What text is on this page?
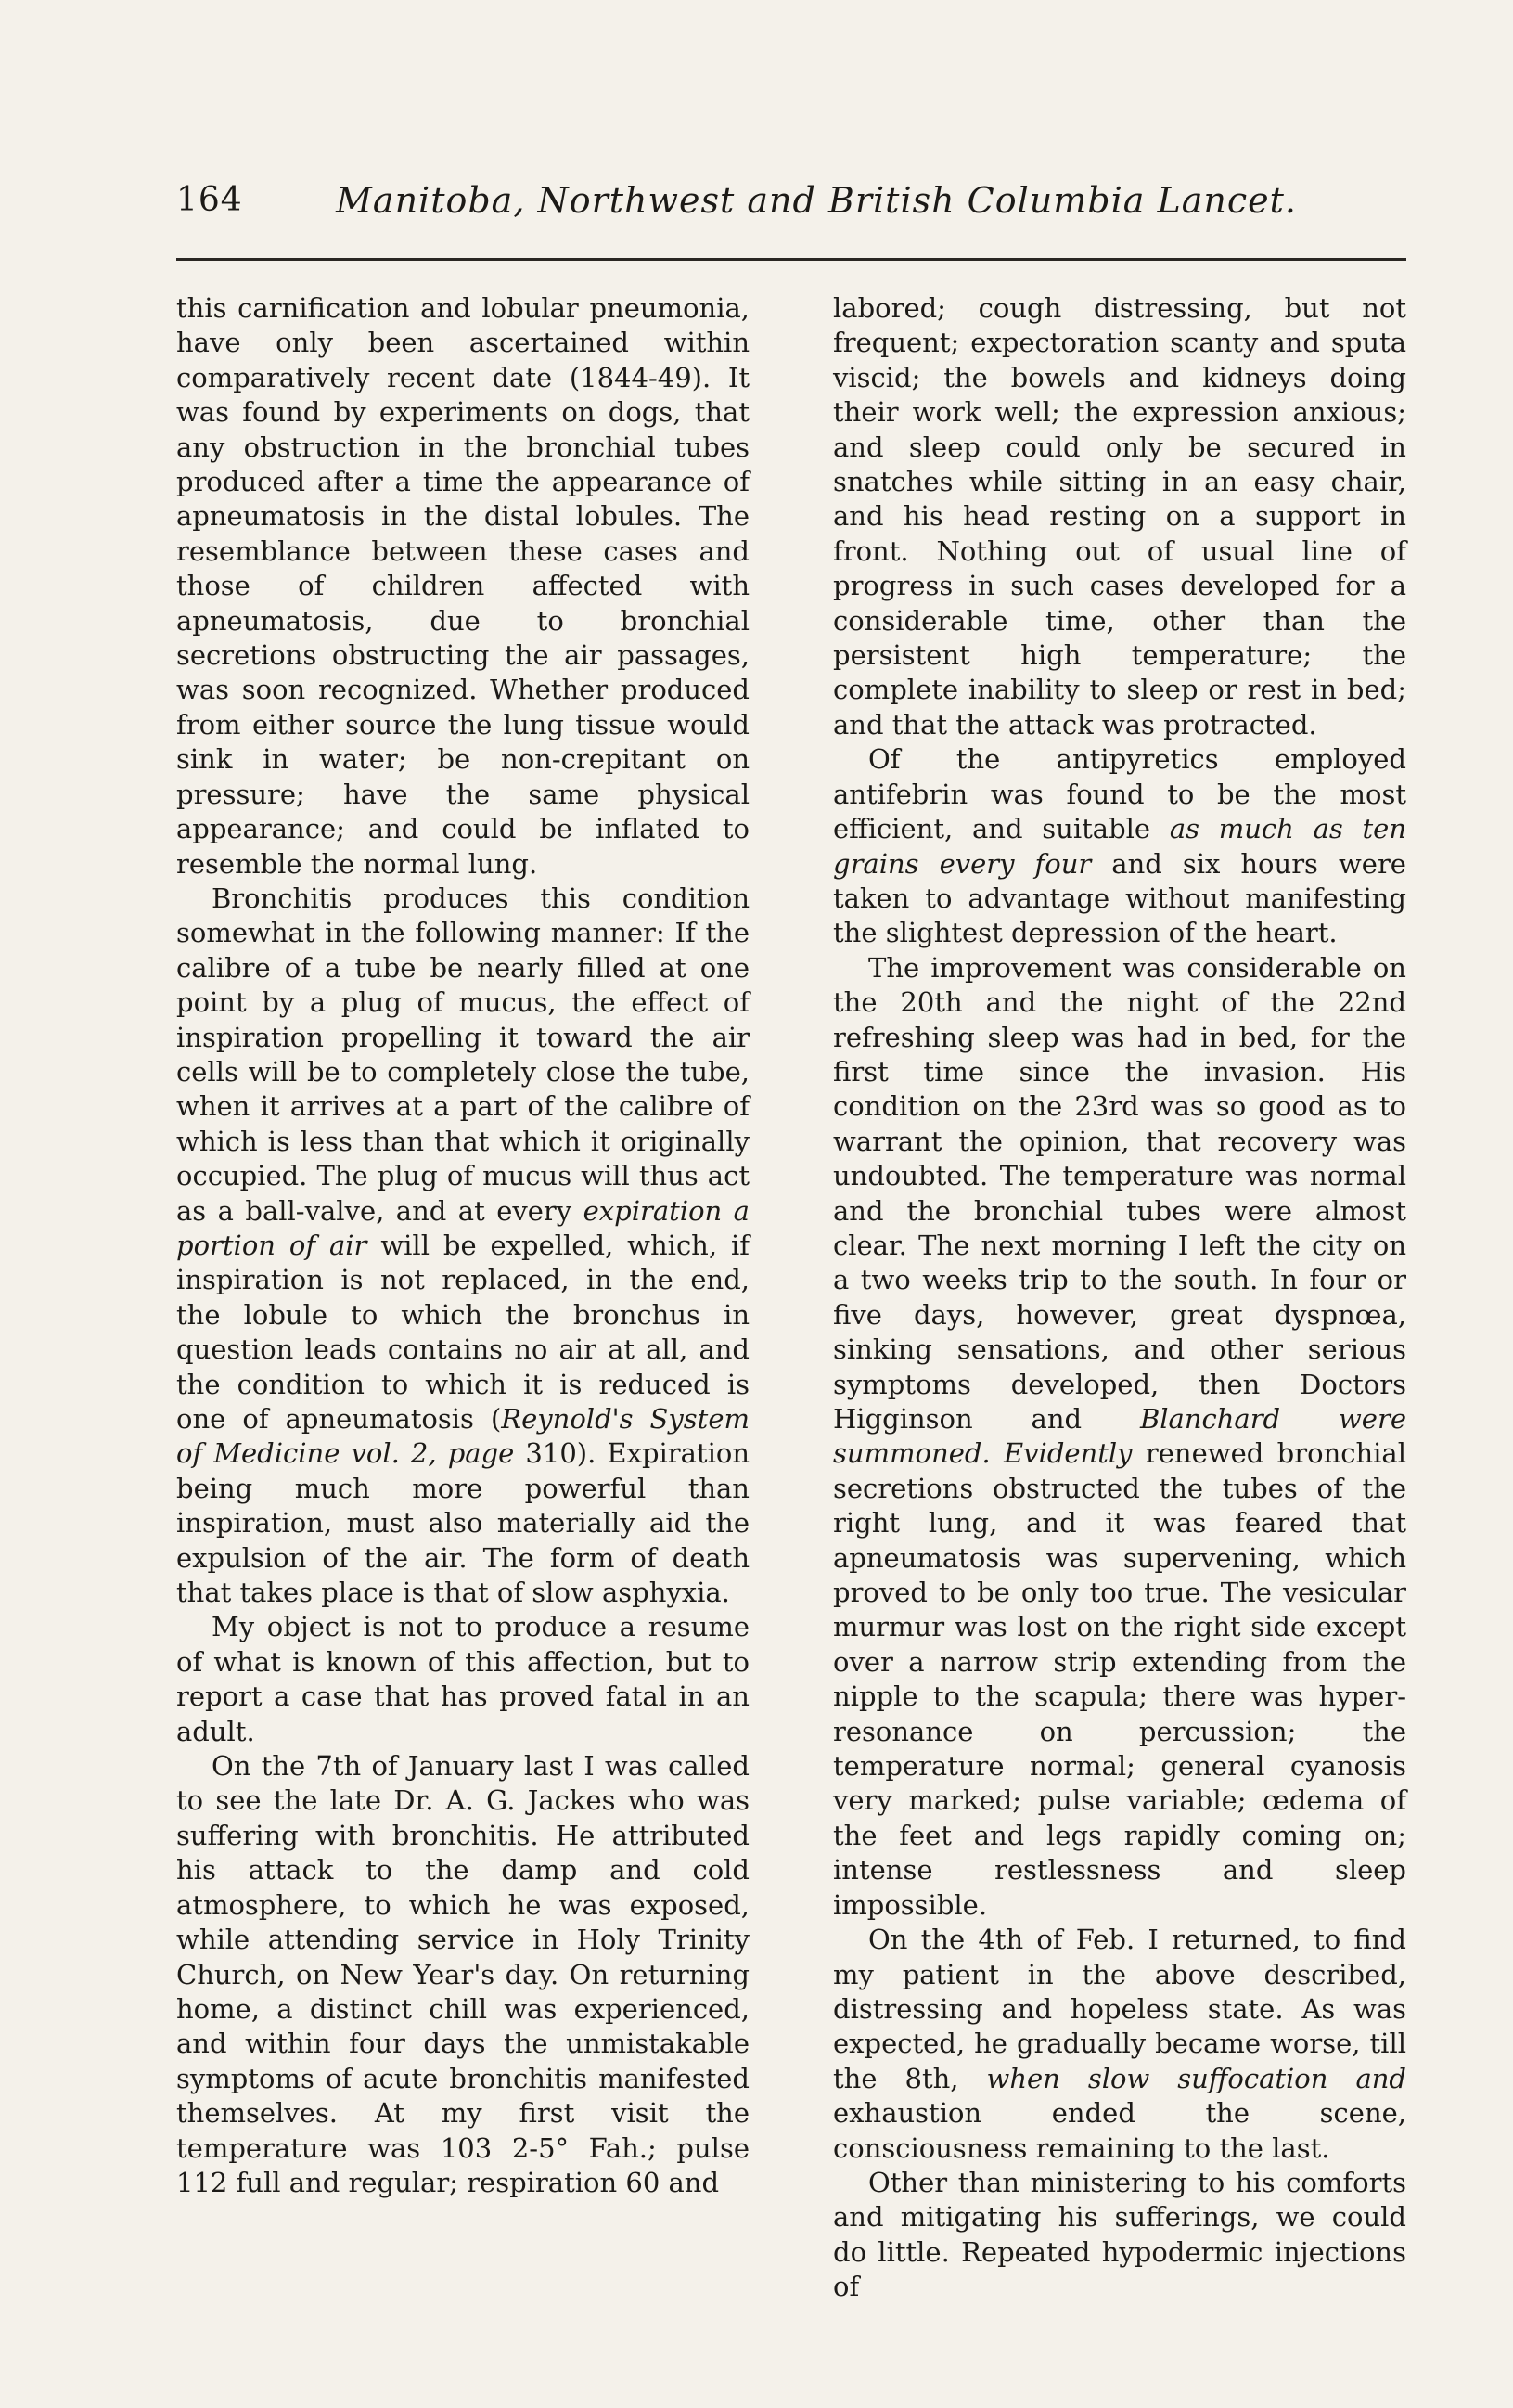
164	Manitoba, Northwest and British Columbia Lancet.

this carnification and lobular pneumonia, have only been ascertained within comparatively recent date (1844-49). It was found by experiments on dogs, that any obstruction in the bronchial tubes produced after a time the appearance of apneumatosis in the distal lobules. The resemblance between these cases and those of children affected with apneumatosis, due to bronchial secretions obstructing the air passages, was soon recognized. Whether produced from either source the lung tissue would sink in water; be non-crepitant on pressure; have the same physical appearance; and could be inflated to resemble the normal lung.

Bronchitis produces this condition somewhat in the following manner: If the calibre of a tube be nearly filled at one point by a plug of mucus, the effect of inspiration propelling it toward the air cells will be to completely close the tube, when it arrives at a part of the calibre of which is less than that which it originally occupied. The plug of mucus will thus act as a ball-valve, and at every expiration a portion of air will be expelled, which, if inspiration is not replaced, in the end, the lobule to which the bronchus in question leads contains no air at all, and the condition to which it is reduced is one of apneumatosis (Reynold's System of Medicine vol. 2, page 310). Expiration being much more powerful than inspiration, must also materially aid the expulsion of the air. The form of death that takes place is that of slow asphyxia.

My object is not to produce a resume of what is known of this affection, but to report a case that has proved fatal in an adult.

On the 7th of January last I was called to see the late Dr. A. G. Jackes who was suffering with bronchitis. He attributed his attack to the damp and cold atmosphere, to which he was exposed, while attending service in Holy Trinity Church, on New Year's day. On returning home, a distinct chill was experienced, and within four days the unmistakable symptoms of acute bronchitis manifested themselves. At my first visit the temperature was 103 2-5° Fah.; pulse 112 full and regular; respiration 60 and

labored; cough distressing, but not frequent; expectoration scanty and sputa viscid; the bowels and kidneys doing their work well; the expression anxious; and sleep could only be secured in snatches while sitting in an easy chair, and his head resting on a support in front. Nothing out of usual line of progress in such cases developed for a considerable time, other than the persistent high temperature; the complete inability to sleep or rest in bed; and that the attack was protracted.

Of the antipyretics employed antifebrin was found to be the most efficient, and suitable as much as ten grains every four and six hours were taken to advantage without manifesting the slightest depression of the heart.

The improvement was considerable on the 20th and the night of the 22nd refreshing sleep was had in bed, for the first time since the invasion. His condition on the 23rd was so good as to warrant the opinion, that recovery was undoubted. The temperature was normal and the bronchial tubes were almost clear. The next morning I left the city on a two weeks trip to the south. In four or five days, however, great dyspnœa, sinking sensations, and other serious symptoms developed, then Doctors Higginson and Blanchard were summoned. Evidently renewed bronchial secretions obstructed the tubes of the right lung, and it was feared that apneumatosis was supervening, which proved to be only too true. The vesicular murmur was lost on the right side except over a narrow strip extending from the nipple to the scapula; there was hyper-resonance on percussion; the temperature normal; general cyanosis very marked; pulse variable; œdema of the feet and legs rapidly coming on; intense restlessness and sleep impossible.

On the 4th of Feb. I returned, to find my patient in the above described, distressing and hopeless state. As was expected, he gradually became worse, till the 8th, when slow suffocation and exhaustion ended the scene, consciousness remaining to the last.

Other than ministering to his comforts and mitigating his sufferings, we could do little. Repeated hypodermic injections of
